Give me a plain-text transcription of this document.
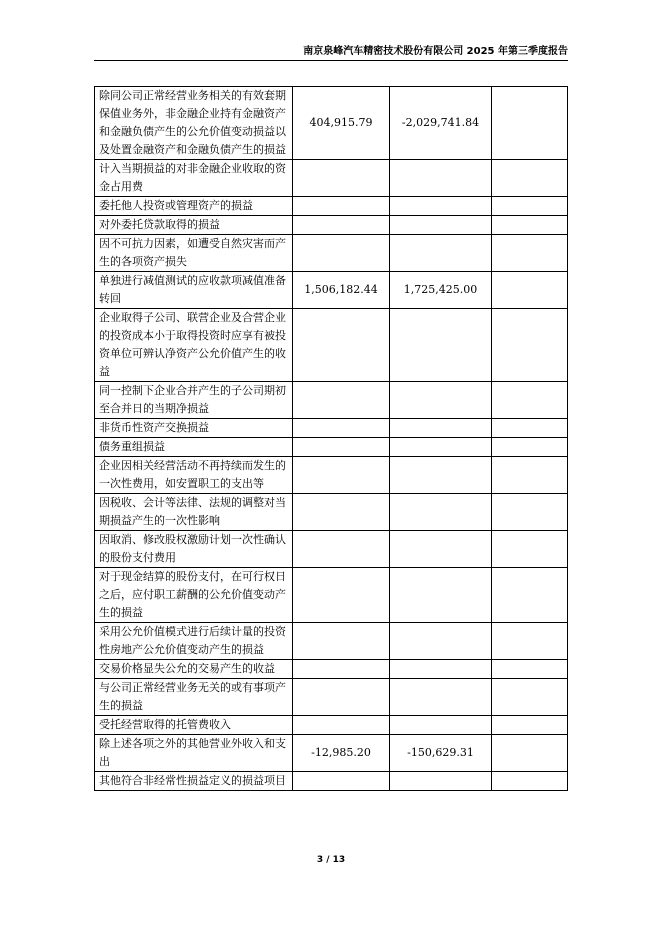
南京泉峰汽车精密技术股份有限公司 2025 年第三季度报告
除同公司正常经营业务相关的有效套期保值业务外，非金融企业持有金融资产和金融负债产生的公允价值变动损益以及处置金融资产和金融负债产生的损益	404,915.79	-2,029,741.84	
计入当期损益的对非金融企业收取的资金占用费			
委托他人投资或管理资产的损益			
对外委托贷款取得的损益			
因不可抗力因素，如遭受自然灾害而产生的各项资产损失			
单独进行减值测试的应收款项减值准备转回	1,506,182.44	1,725,425.00	
企业取得子公司、联营企业及合营企业的投资成本小于取得投资时应享有被投资单位可辨认净资产公允价值产生的收益			
同一控制下企业合并产生的子公司期初至合并日的当期净损益			
非货币性资产交换损益			
债务重组损益			
企业因相关经营活动不再持续而发生的一次性费用，如安置职工的支出等			
因税收、会计等法律、法规的调整对当期损益产生的一次性影响			
因取消、修改股权激励计划一次性确认的股份支付费用			
对于现金结算的股份支付，在可行权日之后，应付职工薪酬的公允价值变动产生的损益			
采用公允价值模式进行后续计量的投资性房地产公允价值变动产生的损益			
交易价格显失公允的交易产生的收益			
与公司正常经营业务无关的或有事项产生的损益			
受托经营取得的托管费收入			
除上述各项之外的其他营业外收入和支出	-12,985.20	-150,629.31	
其他符合非经常性损益定义的损益项目			
3 / 13
